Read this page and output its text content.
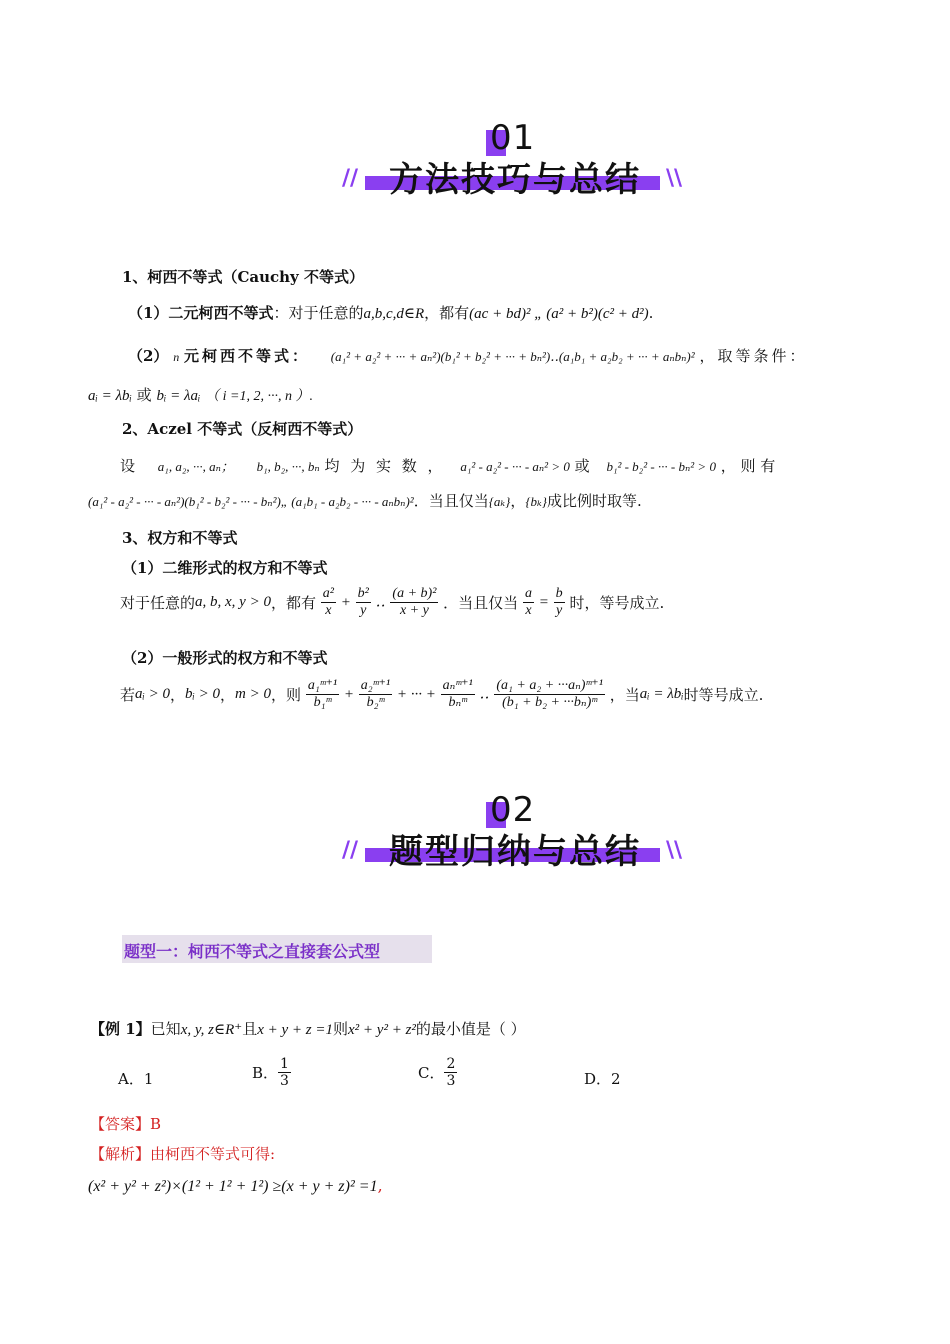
01
方法技巧与总结
//	\\
1、柯西不等式（Cauchy 不等式）
（1）二元柯西不等式：对于任意的a,b,c,d∈R，都有(ac + bd)² „ (a² + b²)(c² + d²).
（2） n 元柯西不等式： (a₁² + a₂² + ··· + aₙ²)(b₁² + b₂² + ··· + bₙ²)‥(a₁b₁ + a₂b₂ + ··· + aₙbₙ)² ，取等条件：
aᵢ = λbᵢ 或 bᵢ = λaᵢ （ i =1, 2, ···, n ）.
2、Aczel 不等式（反柯西不等式）
设 a₁, a₂, ···, aₙ； b₁, b₂, ···, bₙ 均 为 实 数 ， a₁² - a₂² - ··· - aₙ² > 0 或 b₁² - b₂² - ··· - bₙ² > 0 ， 则 有
(a₁² - a₂² - ··· - aₙ²)(b₁² - b₂² - ··· - bₙ²)„ (a₁b₁ - a₂b₂ - ··· - aₙbₙ)²．当且仅当{aₖ}，{bₖ}成比例时取等.
3、权方和不等式
（1）二维形式的权方和不等式
对于任意的a, b, x, y > 0，都有 $\frac{\text{a²}}{x} + \frac{\text{b²}}{y}$ ‥ $\frac{\text{(a + b)²}}{x + y}$ ．当且仅当 $\frac{a}{x} = \frac{b}{y}$ 时，等号成立.
（2）一般形式的权方和不等式
若aᵢ > 0，bᵢ > 0，m > 0，则 $\frac{\text{a₁ᵐ⁺¹}}{\text{b₁ᵐ}} + \frac{\text{a₂ᵐ⁺¹}}{\text{b₂ᵐ}}$ + ··· + $\frac{\text{aₙᵐ⁺¹}}{\text{bₙᵐ}}$ ‥ $\frac{\text{(a₁ + a₂ + ···aₙ)ᵐ⁺¹}}{\text{(b₁ + b₂ + ···bₙ)ᵐ}}$ ，当aᵢ = λbᵢ时等号成立.
02
题型归纳与总结
//	\\
题型一：柯西不等式之直接套公式型
【例 1】已知x, y, z∈R⁺且x + y + z =1则x² + y² + z²的最小值是（ ）
A．1	B． $\frac{1}{3}$	C． $\frac{2}{3}$	D．2
【答案】B
【解析】由柯西不等式可得:
(x² + y² + z²)×(1² + 1² + 1²) ≥(x + y + z)² =1,
